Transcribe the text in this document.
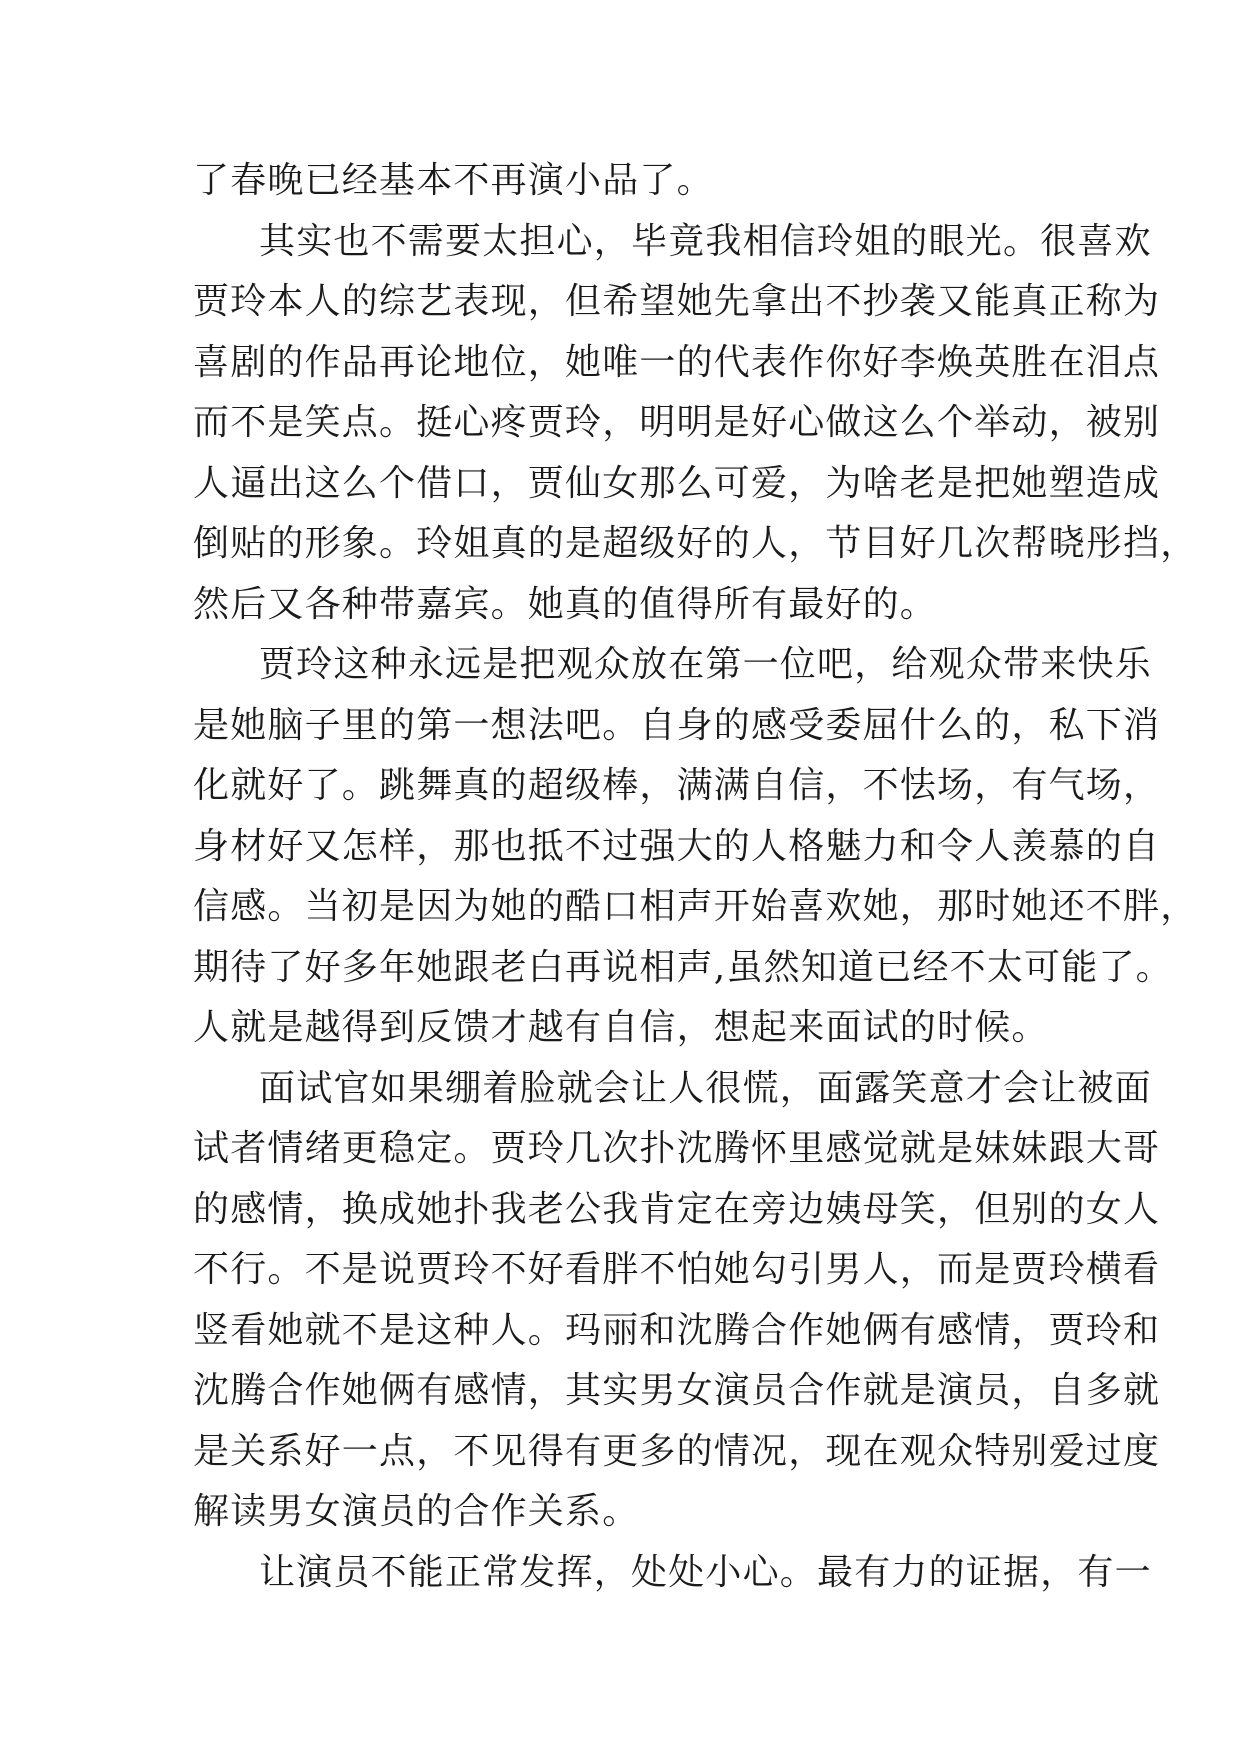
了春晚已经基本不再演小品了。
其实也不需要太担心，毕竟我相信玲姐的眼光。很喜欢
贾玲本人的综艺表现，但希望她先拿出不抄袭又能真正称为
喜剧的作品再论地位，她唯一的代表作你好李焕英胜在泪点
而不是笑点。挺心疼贾玲，明明是好心做这么个举动，被别
人逼出这么个借口，贾仙女那么可爱，为啥老是把她塑造成
倒贴的形象。玲姐真的是超级好的人，节目好几次帮晓彤挡，
然后又各种带嘉宾。她真的值得所有最好的。
贾玲这种永远是把观众放在第一位吧，给观众带来快乐
是她脑子里的第一想法吧。自身的感受委屈什么的，私下消
化就好了。跳舞真的超级棒，满满自信，不怯场，有气场，
身材好又怎样，那也抵不过强大的人格魅力和令人羡慕的自
信感。当初是因为她的酷口相声开始喜欢她，那时她还不胖，
期待了好多年她跟老白再说相声,虽然知道已经不太可能了。
人就是越得到反馈才越有自信，想起来面试的时候。
面试官如果绷着脸就会让人很慌，面露笑意才会让被面
试者情绪更稳定。贾玲几次扑沈腾怀里感觉就是妹妹跟大哥
的感情，换成她扑我老公我肯定在旁边姨母笑，但别的女人
不行。不是说贾玲不好看胖不怕她勾引男人，而是贾玲横看
竖看她就不是这种人。玛丽和沈腾合作她俩有感情，贾玲和
沈腾合作她俩有感情，其实男女演员合作就是演员，自多就
是关系好一点，不见得有更多的情况，现在观众特别爱过度
解读男女演员的合作关系。
让演员不能正常发挥，处处小心。最有力的证据，有一
